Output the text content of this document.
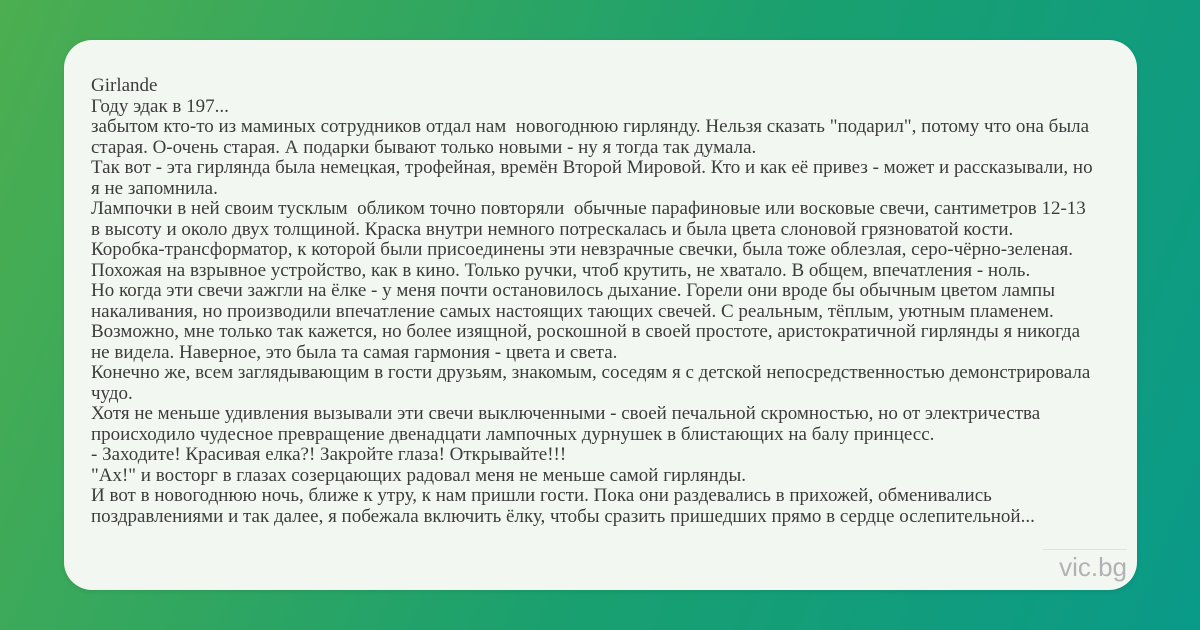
Girlande

Году эдак в 197...

забытом кто-то из маминых сотрудников отдал нам  новогоднюю гирлянду. Нельзя сказать "подарил", потому что она была старая. О-очень старая. А подарки бывают только новыми - ну я тогда так думала.

Так вот - эта гирлянда была немецкая, трофейная, времён Второй Мировой. Кто и как её привез - может и рассказывали, но я не запомнила.

Лампочки в ней своим тусклым  обликом точно повторяли  обычные парафиновые или восковые свечи, сантиметров 12-13 в высоту и около двух толщиной. Краска внутри немного потрескалась и была цвета слоновой грязноватой кости.

Коробка-трансформатор, к которой были присоединены эти невзрачные свечки, была тоже облезлая, серо-чёрно-зеленая. Похожая на взрывное устройство, как в кино. Только ручки, чтоб крутить, не хватало. В общем, впечатления - ноль.

Но когда эти свечи зажгли на ёлке - у меня почти остановилось дыхание. Горели они вроде бы обычным цветом лампы накаливания, но производили впечатление самых настоящих тающих свечей. С реальным, тёплым, уютным пламенем.

Возможно, мне только так кажется, но более изящной, роскошной в своей простоте, аристократичной гирлянды я никогда не видела. Наверное, это была та самая гармония - цвета и света.

Конечно же, всем заглядывающим в гости друзьям, знакомым, соседям я с детской непосредственностью демонстрировала чудо.

Хотя не меньше удивления вызывали эти свечи выключенными - своей печальной скромностью, но от электричества происходило чудесное превращение двенадцати лампочных дурнушек в блистающих на балу принцесс.

- Заходите! Красивая елка?! Закройте глаза! Открывайте!!!

"Ах!" и восторг в глазах созерцающих радовал меня не меньше самой гирлянды.

И вот в новогоднюю ночь, ближе к утру, к нам пришли гости. Пока они раздевались в прихожей, обменивались поздравлениями и так далее, я побежала включить ёлку, чтобы сразить пришедших прямо в сердце ослепительной...

vic.bg
